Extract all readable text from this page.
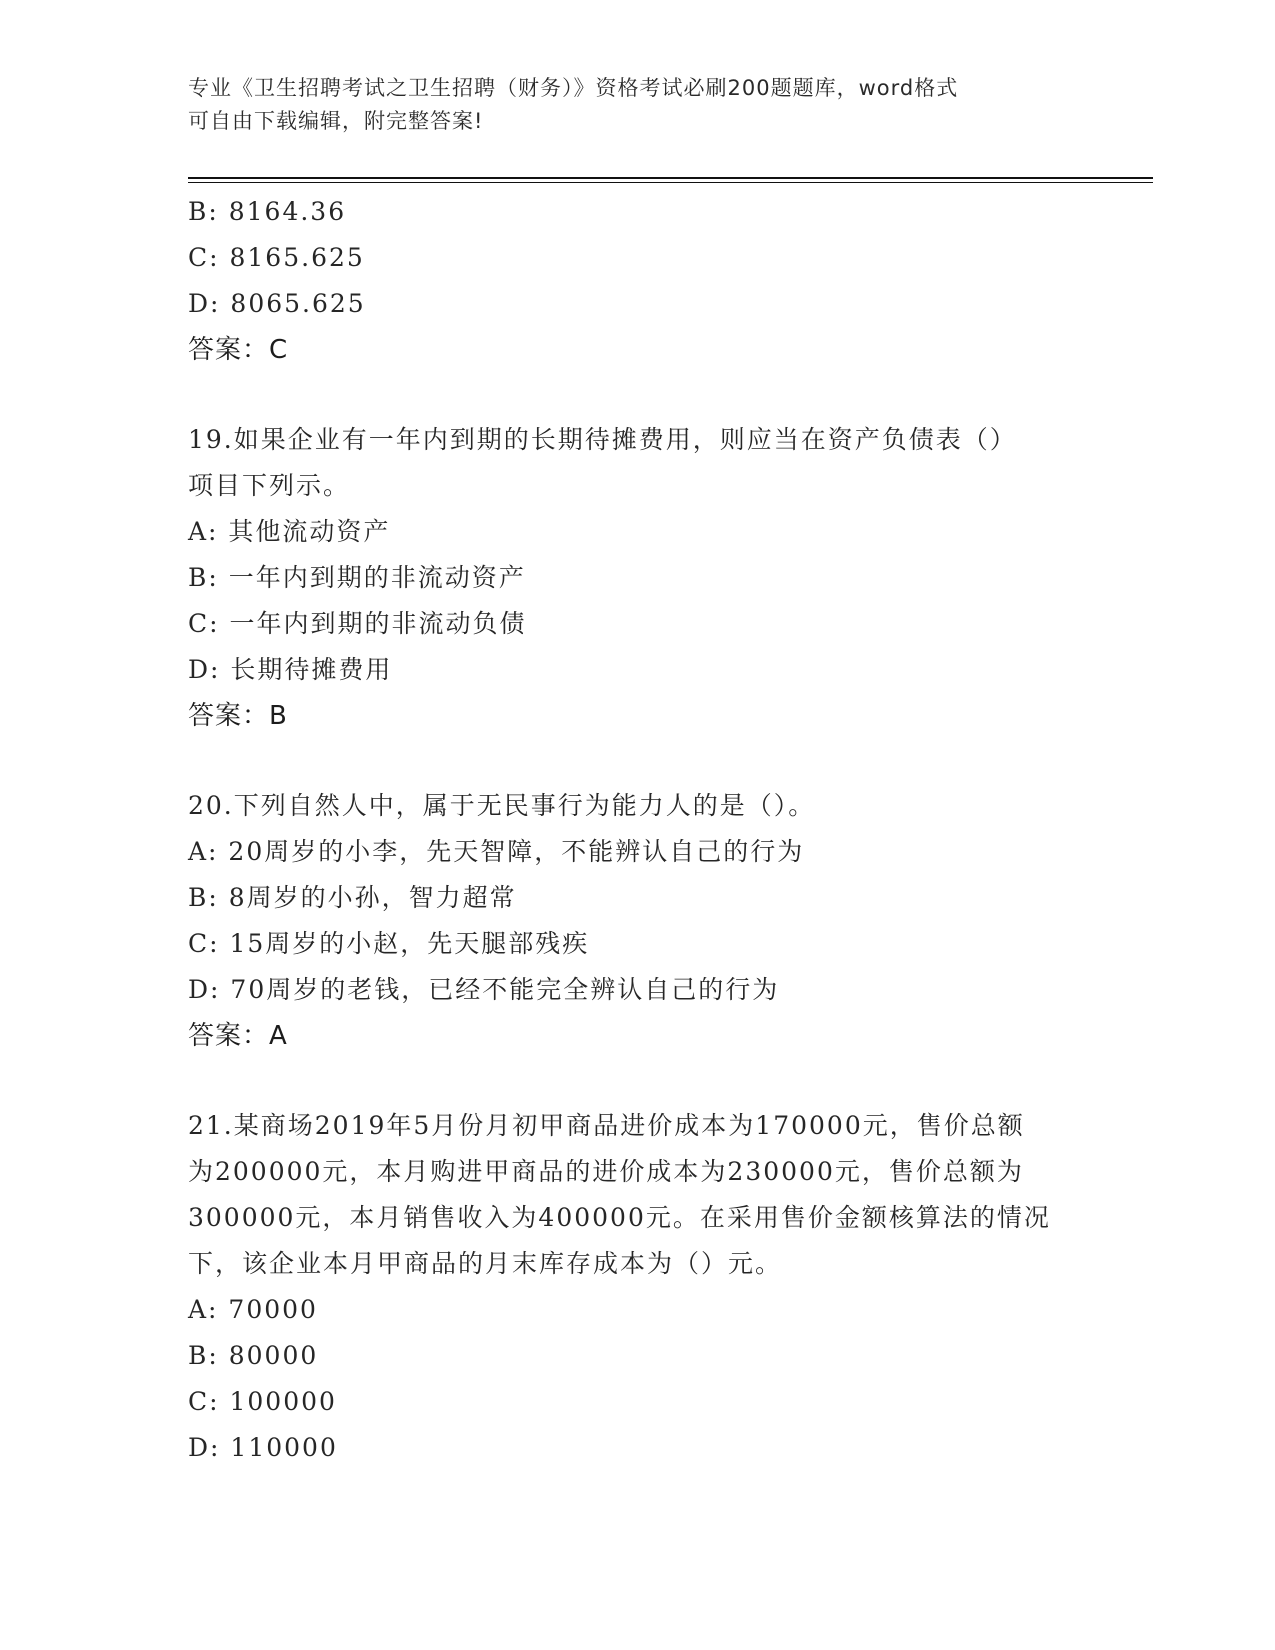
专业《卫生招聘考试之卫生招聘（财务）》资格考试必刷200题题库，word格式
可自由下载编辑，附完整答案!
B: 8164.36
C: 8165.625
D: 8065.625
答案：C
19.如果企业有一年内到期的长期待摊费用，则应当在资产负债表（）
项目下列示。
A: 其他流动资产
B: 一年内到期的非流动资产
C: 一年内到期的非流动负债
D: 长期待摊费用
答案：B
20.下列自然人中，属于无民事行为能力人的是（）。
A: 20周岁的小李，先天智障，不能辨认自己的行为
B: 8周岁的小孙，智力超常
C: 15周岁的小赵，先天腿部残疾
D: 70周岁的老钱，已经不能完全辨认自己的行为
答案：A
21.某商场2019年5月份月初甲商品进价成本为170000元，售价总额
为200000元，本月购进甲商品的进价成本为230000元，售价总额为
300000元，本月销售收入为400000元。在采用售价金额核算法的情况
下，该企业本月甲商品的月末库存成本为（）元。
A: 70000
B: 80000
C: 100000
D: 110000
